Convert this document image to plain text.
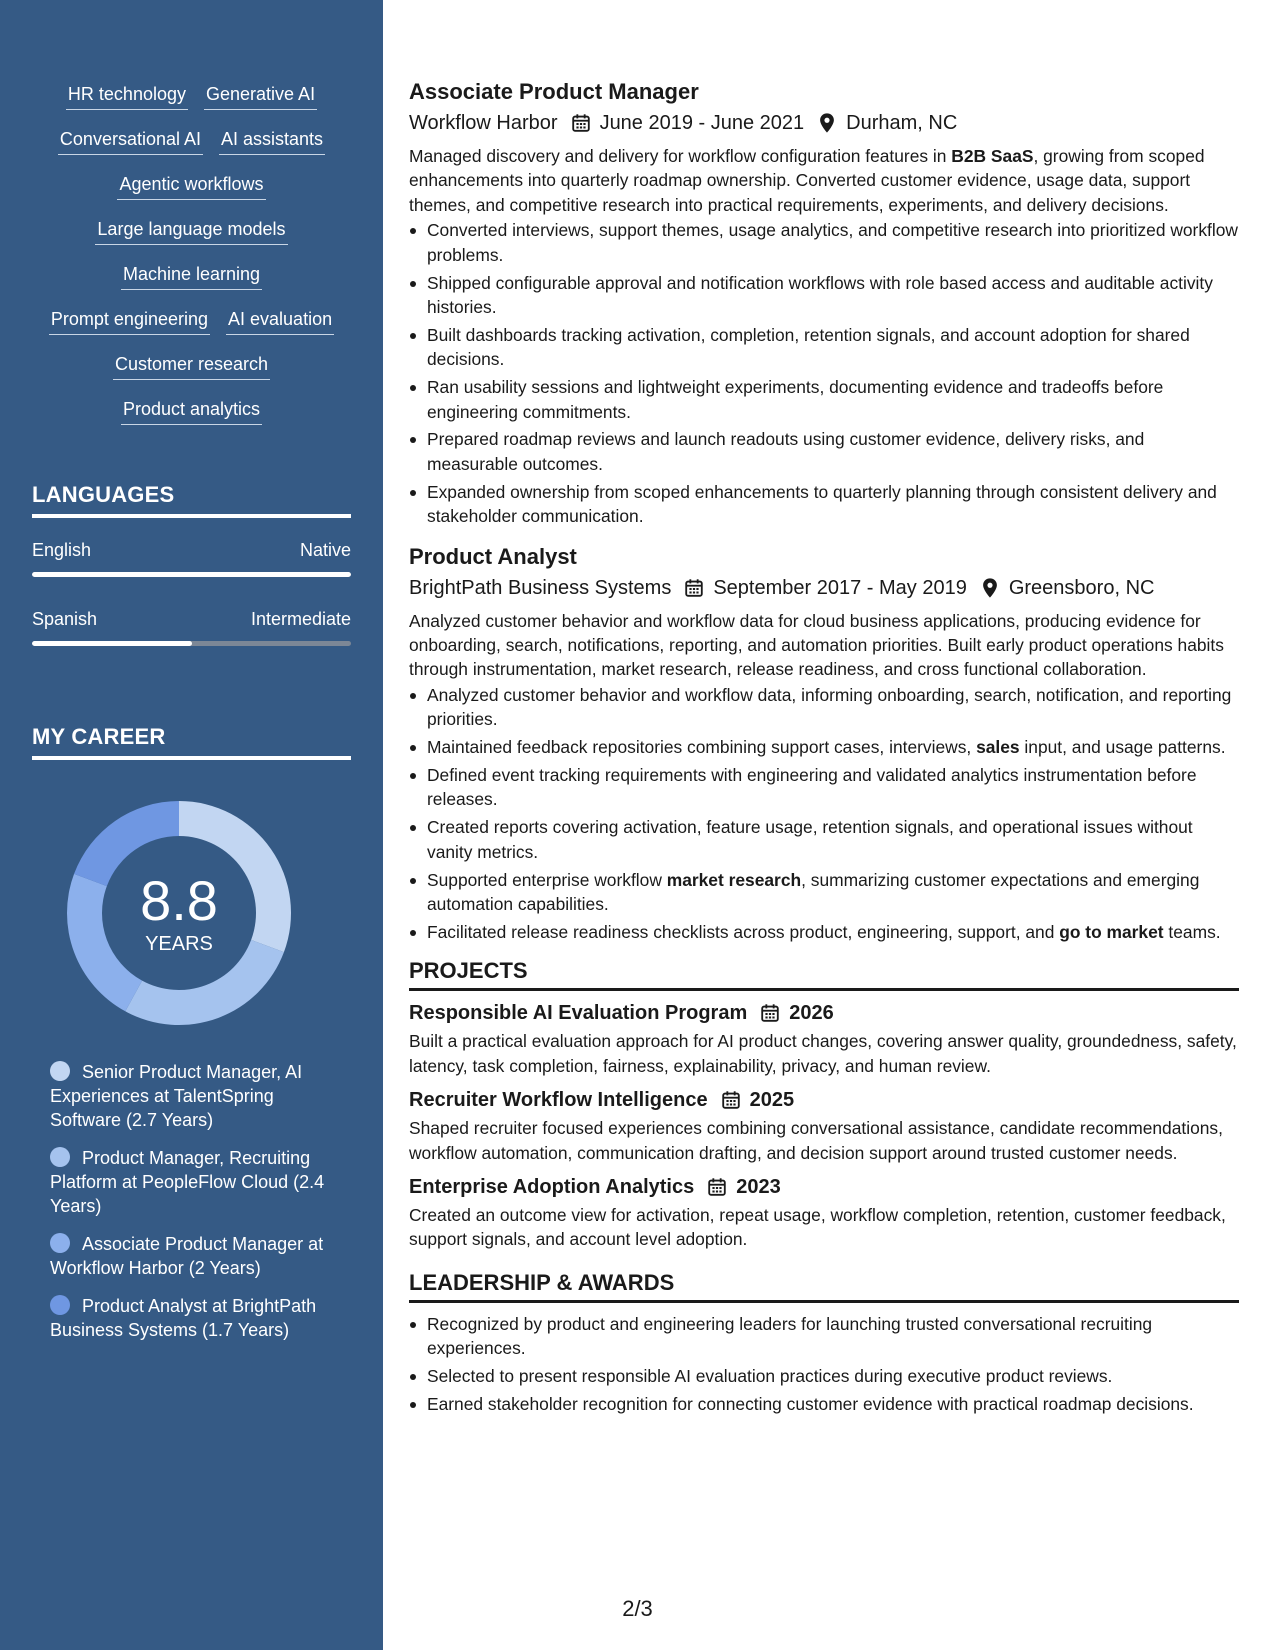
HR technology Generative AI
Conversational AI AI assistants
Agentic workflows
Large language models
Machine learning
Prompt engineering AI evaluation
Customer research
Product analytics
LANGUAGES
English	Native
Spanish	Intermediate
MY CAREER
8.8
YEARS
Senior Product Manager, AI Experiences at TalentSpring Software (2.7 Years)
Product Manager, Recruiting Platform at PeopleFlow Cloud (2.4 Years)
Associate Product Manager at Workflow Harbor (2 Years)
Product Analyst at BrightPath Business Systems (1.7 Years)
Associate Product Manager
Workflow Harbor June 2019 - June 2021 Durham, NC
Managed discovery and delivery for workflow configuration features in B2B SaaS, growing from scoped enhancements into quarterly roadmap ownership. Converted customer evidence, usage data, support themes, and competitive research into practical requirements, experiments, and delivery decisions.
Converted interviews, support themes, usage analytics, and competitive research into prioritized workflow problems.
Shipped configurable approval and notification workflows with role based access and auditable activity histories.
Built dashboards tracking activation, completion, retention signals, and account adoption for shared decisions.
Ran usability sessions and lightweight experiments, documenting evidence and tradeoffs before engineering commitments.
Prepared roadmap reviews and launch readouts using customer evidence, delivery risks, and measurable outcomes.
Expanded ownership from scoped enhancements to quarterly planning through consistent delivery and stakeholder communication.
Product Analyst
BrightPath Business Systems September 2017 - May 2019 Greensboro, NC
Analyzed customer behavior and workflow data for cloud business applications, producing evidence for onboarding, search, notifications, reporting, and automation priorities. Built early product operations habits through instrumentation, market research, release readiness, and cross functional collaboration.
Analyzed customer behavior and workflow data, informing onboarding, search, notification, and reporting priorities.
Maintained feedback repositories combining support cases, interviews, sales input, and usage patterns.
Defined event tracking requirements with engineering and validated analytics instrumentation before releases.
Created reports covering activation, feature usage, retention signals, and operational issues without vanity metrics.
Supported enterprise workflow market research, summarizing customer expectations and emerging automation capabilities.
Facilitated release readiness checklists across product, engineering, support, and go to market teams.
PROJECTS
Responsible AI Evaluation Program 2026
Built a practical evaluation approach for AI product changes, covering answer quality, groundedness, safety, latency, task completion, fairness, explainability, privacy, and human review.
Recruiter Workflow Intelligence 2025
Shaped recruiter focused experiences combining conversational assistance, candidate recommendations, workflow automation, communication drafting, and decision support around trusted customer needs.
Enterprise Adoption Analytics 2023
Created an outcome view for activation, repeat usage, workflow completion, retention, customer feedback, support signals, and account level adoption.
LEADERSHIP & AWARDS
Recognized by product and engineering leaders for launching trusted conversational recruiting experiences.
Selected to present responsible AI evaluation practices during executive product reviews.
Earned stakeholder recognition for connecting customer evidence with practical roadmap decisions.
2/3
